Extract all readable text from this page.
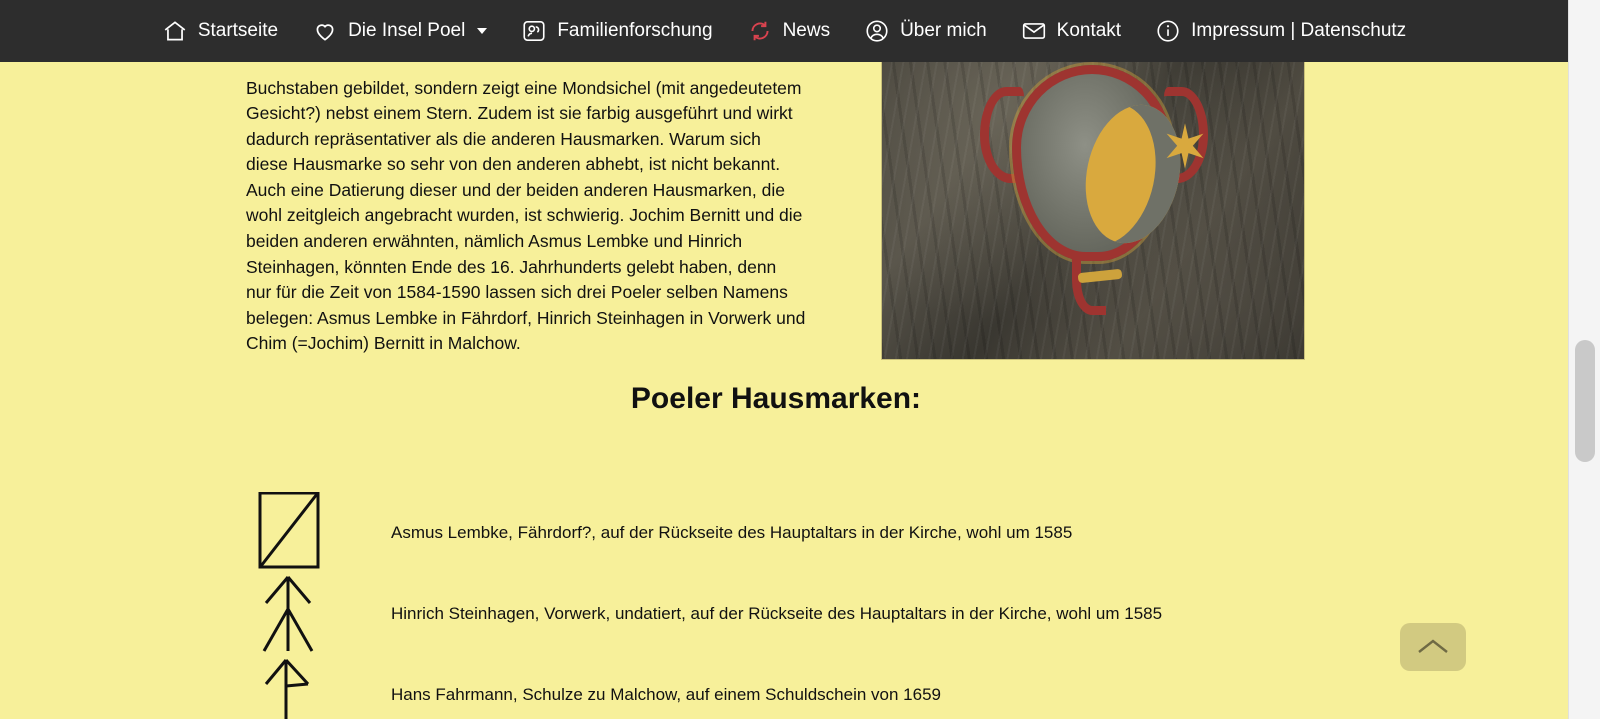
Startseite	Die Insel Poel	Familienforschung	News	Über mich	Kontakt	Impressum | Datenschutz

Buchstaben gebildet, sondern zeigt eine Mondsichel (mit angedeutetem Gesicht?) nebst einem Stern. Zudem ist sie farbig ausgeführt und wirkt dadurch repräsentativer als die anderen Hausmarken. Warum sich diese Hausmarke so sehr von den anderen abhebt, ist nicht bekannt. Auch eine Datierung dieser und der beiden anderen Hausmarken, die wohl zeitgleich angebracht wurden, ist schwierig. Jochim Bernitt und die beiden anderen erwähnten, nämlich Asmus Lembke und Hinrich Steinhagen, könnten Ende des 16. Jahrhunderts gelebt haben, denn nur für die Zeit von 1584-1590 lassen sich drei Poeler selben Namens belegen: Asmus Lembke in Fährdorf, Hinrich Steinhagen in Vorwerk und Chim (=Jochim) Bernitt in Malchow.

Poeler Hausmarken:
Asmus Lembke, Fährdorf?, auf der Rückseite des Hauptaltars in der Kirche, wohl um 1585
Hinrich Steinhagen, Vorwerk, undatiert, auf der Rückseite des Hauptaltars in der Kirche, wohl um 1585
Hans Fahrmann, Schulze zu Malchow, auf einem Schuldschein von 1659
